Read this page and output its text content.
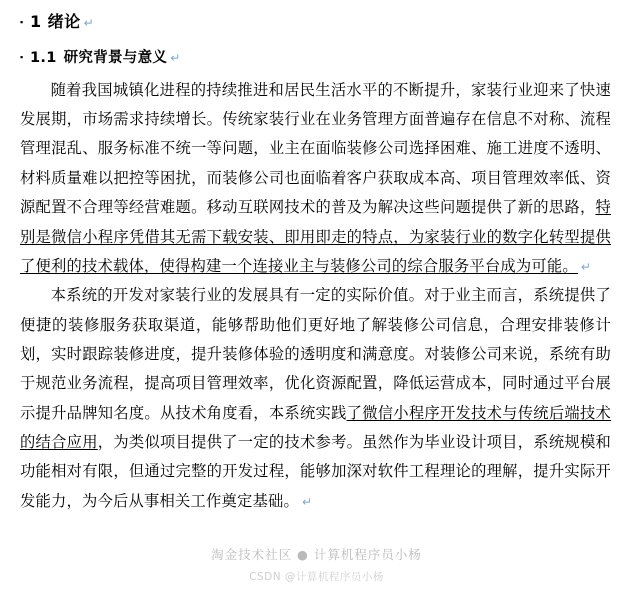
▪
1 绪论 ↵
▪
1.1 研究背景与意义 ↵

随着我国城镇化进程的持续推进和居民生活水平的不断提升，家装行业迎来了快速发展期，市场需求持续增长。传统家装行业在业务管理方面普遍存在信息不对称、流程管理混乱、服务标准不统一等问题，业主在面临装修公司选择困难、施工进度不透明、材料质量难以把控等困扰，而装修公司也面临着客户获取成本高、项目管理效率低、资源配置不合理等经营难题。移动互联网技术的普及为解决这些问题提供了新的思路，特别是微信小程序凭借其无需下载安装、即用即走的特点，为家装行业的数字化转型提供了便利的技术载体，使得构建一个连接业主与装修公司的综合服务平台成为可能。 ↵

本系统的开发对家装行业的发展具有一定的实际价值。对于业主而言，系统提供了便捷的装修服务获取渠道，能够帮助他们更好地了解装修公司信息，合理安排装修计划，实时跟踪装修进度，提升装修体验的透明度和满意度。对装修公司来说，系统有助于规范业务流程，提高项目管理效率，优化资源配置，降低运营成本，同时通过平台展示提升品牌知名度。从技术角度看，本系统实践了微信小程序开发技术与传统后端技术的结合应用，为类似项目提供了一定的技术参考。虽然作为毕业设计项目，系统规模和功能相对有限，但通过完整的开发过程，能够加深对软件工程理论的理解，提升实际开发能力，为今后从事相关工作奠定基础。 ↵

淘金技术社区 ● 计算机程序员小杨
CSDN @计算机程序员小杨
